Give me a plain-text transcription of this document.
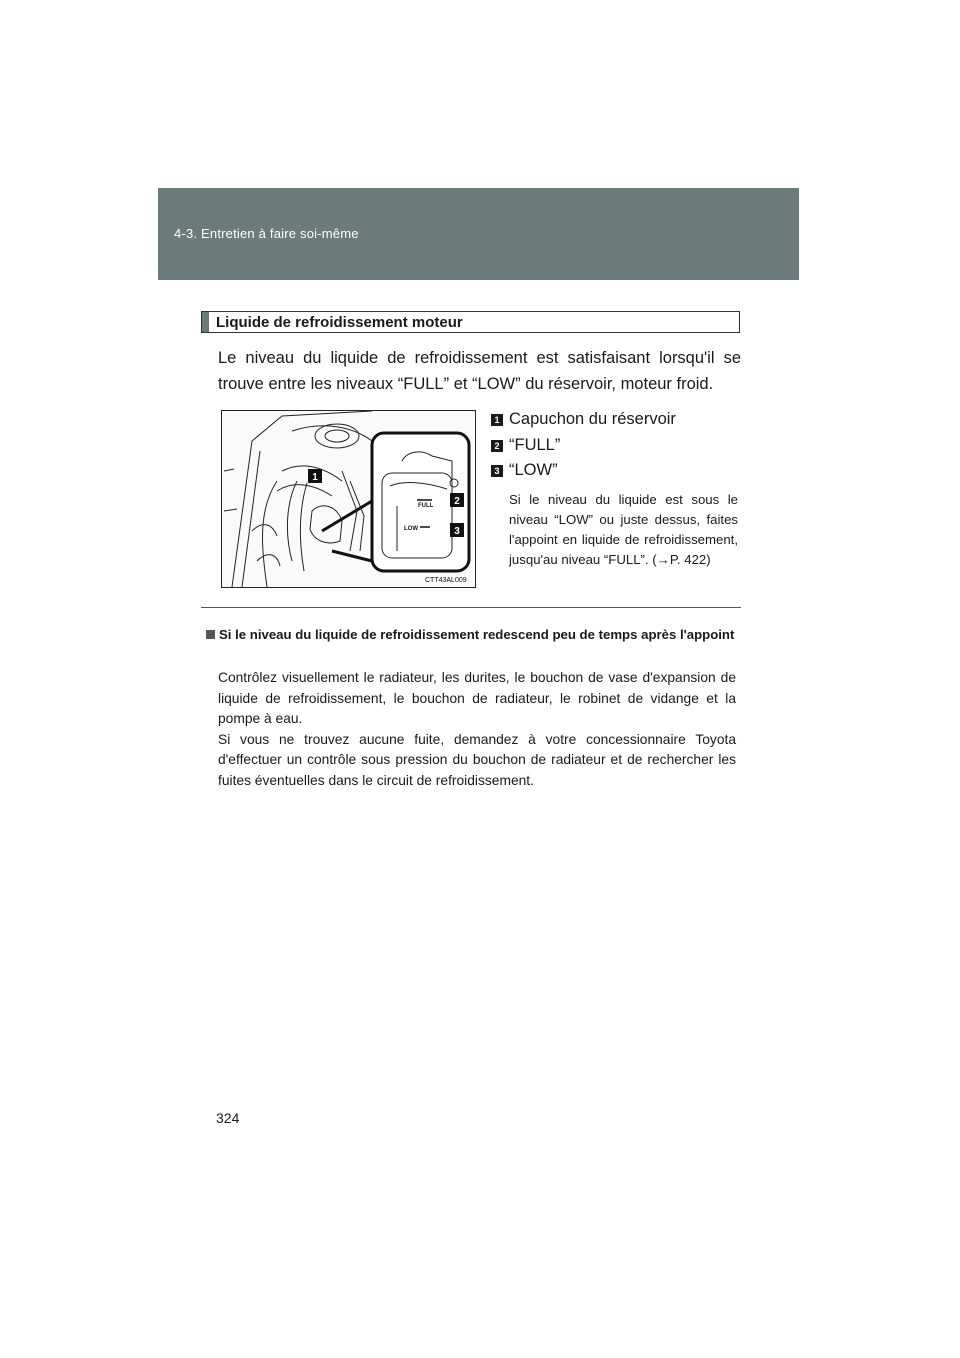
4-3. Entretien à faire soi-même
Liquide de refroidissement moteur
Le niveau du liquide de refroidissement est satisfaisant lorsqu'il se trouve entre les niveaux “FULL” et “LOW” du réservoir, moteur froid.
FULL
LOW
1
2
3
CTT43AL009
1 Capuchon du réservoir
2 “FULL”
3 “LOW”
Si le niveau du liquide est sous le niveau “LOW” ou juste dessus, faites l'appoint en liquide de refroidissement, jusqu'au niveau “FULL”. (→P. 422)
Si le niveau du liquide de refroidissement redescend peu de temps après l'appoint

Contrôlez visuellement le radiateur, les durites, le bouchon de vase d'expansion de liquide de refroidissement, le bouchon de radiateur, le robinet de vidange et la pompe à eau.

Si vous ne trouvez aucune fuite, demandez à votre concessionnaire Toyota d'effectuer un contrôle sous pression du bouchon de radiateur et de rechercher les fuites éventuelles dans le circuit de refroidissement.

324
